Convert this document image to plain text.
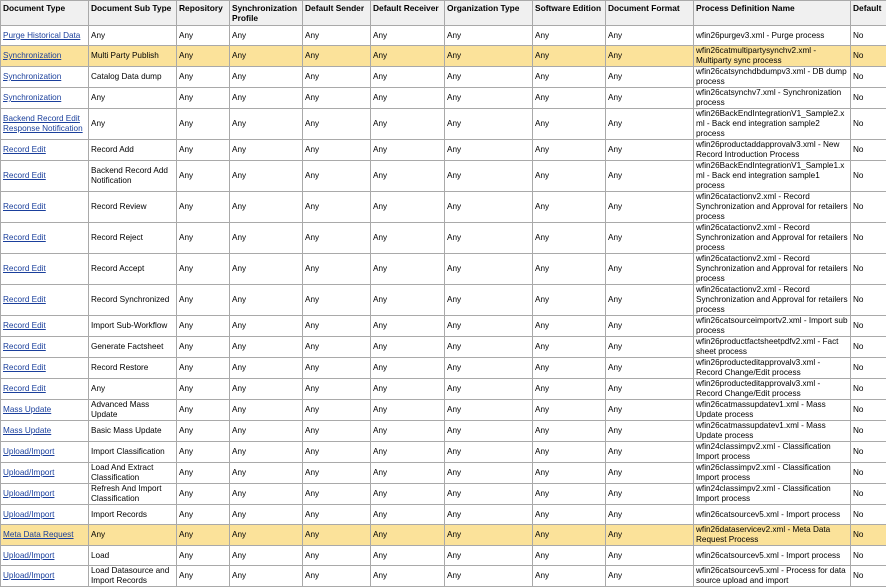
Document Type	Document Sub Type	Repository	Synchronization Profile	Default Sender	Default Receiver	Organization Type	Software Edition	Document Format	Process Definition Name	Default
Purge Historical Data	Any	Any	Any	Any	Any	Any	Any	Any	wfin26purgev3.xml - Purge process	No
Synchronization	Multi Party Publish	Any	Any	Any	Any	Any	Any	Any	wfin26catmultipartysynchv2.xml - Multiparty sync process	No
Synchronization	Catalog Data dump	Any	Any	Any	Any	Any	Any	Any	wfin26catsynchdbdumpv3.xml - DB dump process	No
Synchronization	Any	Any	Any	Any	Any	Any	Any	Any	wfin26catsynchv7.xml - Synchronization process	No
Backend Record Edit Response Notification	Any	Any	Any	Any	Any	Any	Any	Any	wfin26BackEndIntegrationV1_Sample2.xml - Back end integration sample2 process	No
Record Edit	Record Add	Any	Any	Any	Any	Any	Any	Any	wfin26productaddapprovalv3.xml - New Record Introduction Process	No
Record Edit	Backend Record Add Notification	Any	Any	Any	Any	Any	Any	Any	wfin26BackEndIntegrationV1_Sample1.xml - Back end integration sample1 process	No
Record Edit	Record Review	Any	Any	Any	Any	Any	Any	Any	wfin26catactionv2.xml - Record Synchronization and Approval for retailers process	No
Record Edit	Record Reject	Any	Any	Any	Any	Any	Any	Any	wfin26catactionv2.xml - Record Synchronization and Approval for retailers process	No
Record Edit	Record Accept	Any	Any	Any	Any	Any	Any	Any	wfin26catactionv2.xml - Record Synchronization and Approval for retailers process	No
Record Edit	Record Synchronized	Any	Any	Any	Any	Any	Any	Any	wfin26catactionv2.xml - Record Synchronization and Approval for retailers process	No
Record Edit	Import Sub-Workflow	Any	Any	Any	Any	Any	Any	Any	wfin26catsourceimportv2.xml - Import sub process	No
Record Edit	Generate Factsheet	Any	Any	Any	Any	Any	Any	Any	wfin26productfactsheetpdfv2.xml - Fact sheet process	No
Record Edit	Record Restore	Any	Any	Any	Any	Any	Any	Any	wfin26producteditapprovalv3.xml - Record Change/Edit process	No
Record Edit	Any	Any	Any	Any	Any	Any	Any	Any	wfin26producteditapprovalv3.xml - Record Change/Edit process	No
Mass Update	Advanced Mass Update	Any	Any	Any	Any	Any	Any	Any	wfin26catmassupdatev1.xml - Mass Update process	No
Mass Update	Basic Mass Update	Any	Any	Any	Any	Any	Any	Any	wfin26catmassupdatev1.xml - Mass Update process	No
Upload/Import	Import Classification	Any	Any	Any	Any	Any	Any	Any	wfin24classimpv2.xml - Classification Import process	No
Upload/Import	Load And Extract Classification	Any	Any	Any	Any	Any	Any	Any	wfin26classimpv2.xml - Classification Import process	No
Upload/Import	Refresh And Import Classification	Any	Any	Any	Any	Any	Any	Any	wfin24classimpv2.xml - Classification Import process	No
Upload/Import	Import Records	Any	Any	Any	Any	Any	Any	Any	wfin26catsourcev5.xml - Import process	No
Meta Data Request	Any	Any	Any	Any	Any	Any	Any	Any	wfin26dataservicev2.xml - Meta Data Request Process	No
Upload/Import	Load	Any	Any	Any	Any	Any	Any	Any	wfin26catsourcev5.xml - Import process	No
Upload/Import	Load Datasource and Import Records	Any	Any	Any	Any	Any	Any	Any	wfin26catsourcev5.xml - Process for data source upload and import	No
